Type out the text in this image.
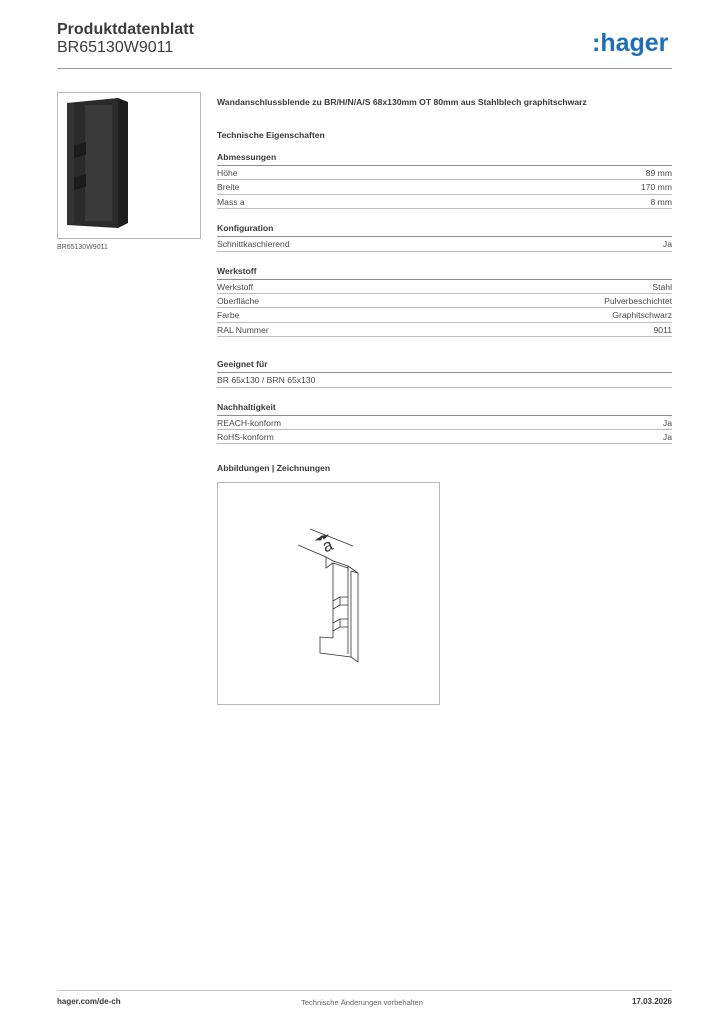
Produktdatenblatt
BR65130W9011	:hager
BR65130W9011
Wandanschlussblende zu BR/H/N/A/S 68x130mm OT 80mm aus Stahlblech graphitschwarz
Technische Eigenschaften
Abmessungen
Höhe	89 mm
Breite	170 mm
Mass a	8 mm
Konfiguration
Schnittkaschierend	Ja
Werkstoff
Werkstoff	Stahl
Oberfläche	Pulverbeschichtet
Farbe	Graphitschwarz
RAL Nummer	9011
Geeignet für
BR 65x130 / BRN 65x130
Nachhaltigkeit
REACH-konform	Ja
RoHS-konform	Ja
Abbildungen | Zeichnungen
a
hager.com/de-ch	Technische Änderungen vorbehalten	17.03.2026
